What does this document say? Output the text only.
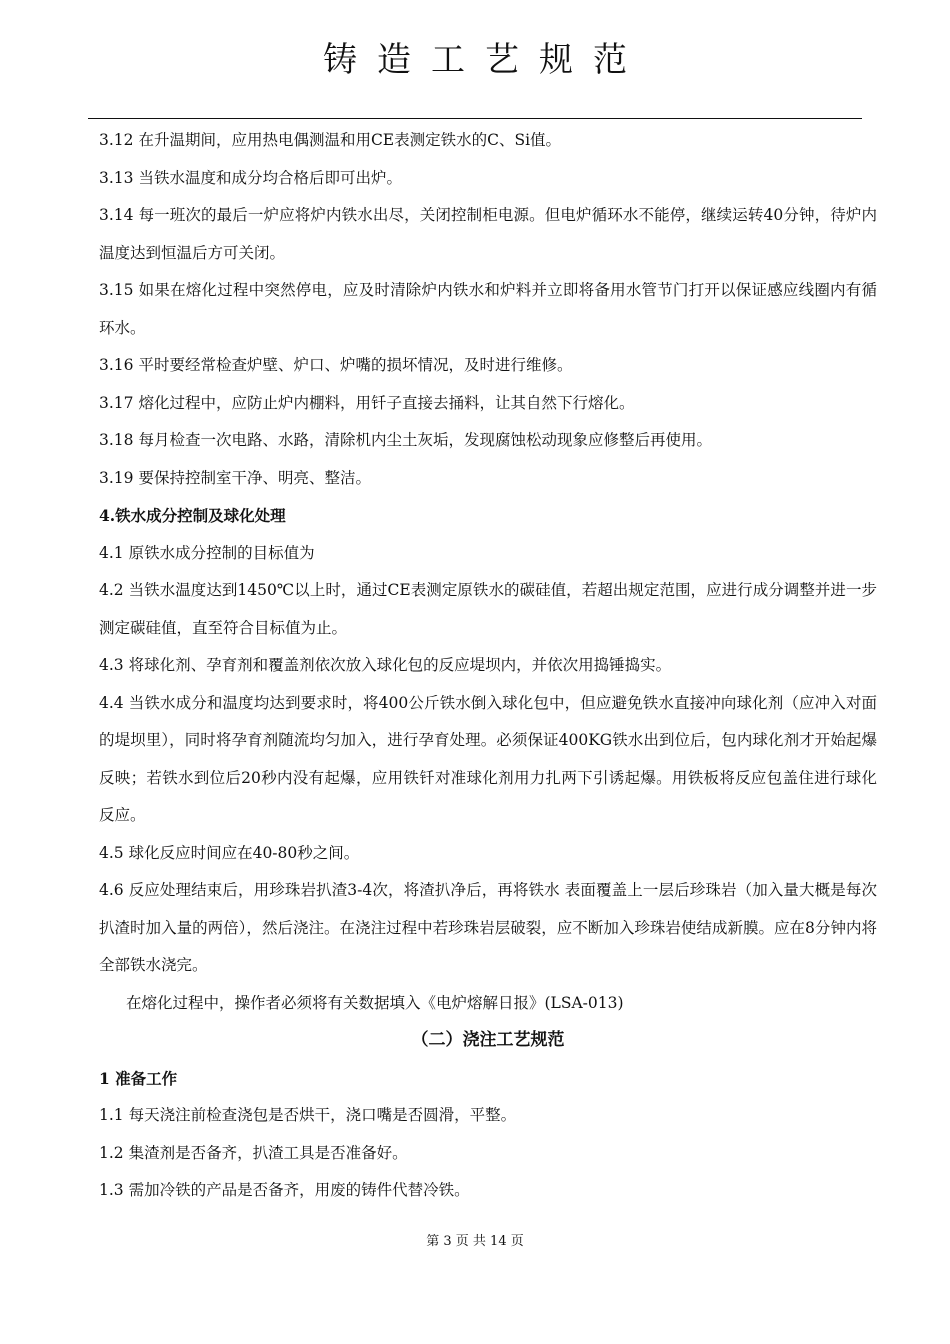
铸造工艺规范

3.12 在升温期间，应用热电偶测温和用CE表测定铁水的C、Si值。

3.13 当铁水温度和成分均合格后即可出炉。

3.14 每一班次的最后一炉应将炉内铁水出尽，关闭控制柜电源。但电炉循环水不能停，继续运转40分钟，待炉内温度达到恒温后方可关闭。

3.15 如果在熔化过程中突然停电，应及时清除炉内铁水和炉料并立即将备用水管节门打开以保证感应线圈内有循环水。

3.16 平时要经常检查炉壁、炉口、炉嘴的损坏情况，及时进行维修。

3.17 熔化过程中，应防止炉内棚料，用钎子直接去捅料，让其自然下行熔化。

3.18 每月检查一次电路、水路，清除机内尘土灰垢，发现腐蚀松动现象应修整后再使用。

3.19 要保持控制室干净、明亮、整洁。

4.铁水成分控制及球化处理

4.1 原铁水成分控制的目标值为

4.2 当铁水温度达到1450℃以上时，通过CE表测定原铁水的碳硅值，若超出规定范围，应进行成分调整并进一步测定碳硅值，直至符合目标值为止。

4.3 将球化剂、孕育剂和覆盖剂依次放入球化包的反应堤坝内，并依次用捣锤捣实。

4.4 当铁水成分和温度均达到要求时，将400公斤铁水倒入球化包中，但应避免铁水直接冲向球化剂（应冲入对面的堤坝里），同时将孕育剂随流均匀加入，进行孕育处理。必须保证400KG铁水出到位后，包内球化剂才开始起爆反映；若铁水到位后20秒内没有起爆，应用铁钎对准球化剂用力扎两下引诱起爆。用铁板将反应包盖住进行球化反应。

4.5 球化反应时间应在40-80秒之间。

4.6 反应处理结束后，用珍珠岩扒渣3-4次，将渣扒净后，再将铁水 表面覆盖上一层后珍珠岩（加入量大概是每次扒渣时加入量的两倍），然后浇注。在浇注过程中若珍珠岩层破裂，应不断加入珍珠岩使结成新膜。应在8分钟内将全部铁水浇完。

在熔化过程中，操作者必须将有关数据填入《电炉熔解日报》(LSA-013)

（二）浇注工艺规范

1 准备工作

1.1 每天浇注前检查浇包是否烘干，浇口嘴是否圆滑，平整。

1.2 集渣剂是否备齐，扒渣工具是否准备好。

1.3 需加冷铁的产品是否备齐，用废的铸件代替冷铁。

第 3 页 共 14 页
